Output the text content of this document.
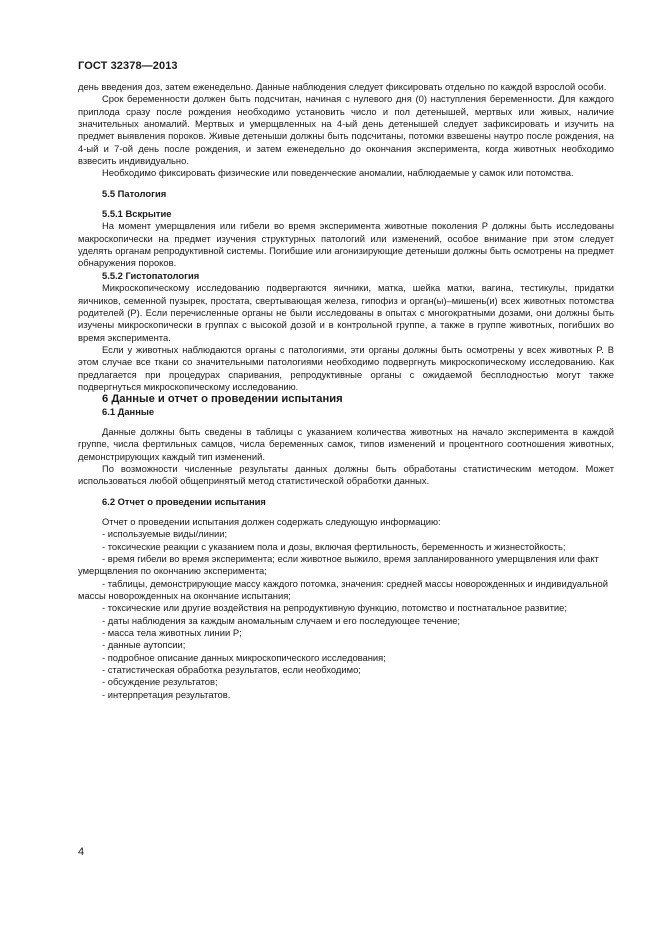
ГОСТ 32378—2013

день введения доз, затем еженедельно. Данные наблюдения следует фиксировать отдельно по каждой взрослой особи.

Срок беременности должен быть подсчитан, начиная с нулевого дня (0) наступления беременности. Для каждого приплода сразу после рождения необходимо установить число и пол детенышей, мертвых или живых, наличие значительных аномалий. Мертвых и умерщвленных на 4-ый день детенышей следует зафиксировать и изучить на предмет выявления пороков. Живые детеныши должны быть подсчитаны, потомки взвешены наутро после рождения, на 4-ый и 7-ой день после рождения, и затем еженедельно до окончания эксперимента, когда животных необходимо взвесить индивидуально.

Необходимо фиксировать физические или поведенческие аномалии, наблюдаемые у самок или потомства.

5.5 Патология

5.5.1 Вскрытие

На момент умерщвления или гибели во время эксперимента животные поколения P должны быть исследованы макроскопически на предмет изучения структурных патологий или изменений, особое внимание при этом следует уделять органам репродуктивной системы. Погибшие или агонизирующие детеныши должны быть осмотрены на предмет обнаружения пороков.

5.5.2 Гистопатология

Микроскопическому исследованию подвергаются яичники, матка, шейка матки, вагина, тестикулы, придатки яичников, семенной пузырек, простата, свертывающая железа, гипофиз и орган(ы)–мишень(и) всех животных потомства родителей (P). Если перечисленные органы не были исследованы в опытах с многократными дозами, они должны быть изучены микроскопически в группах с высокой дозой и в контрольной группе, а также в группе животных, погибших во время эксперимента.

Если у животных наблюдаются органы с патологиями, эти органы должны быть осмотрены у всех животных P. В этом случае все ткани со значительными патологиями необходимо подвергнуть микроскопическому исследованию. Как предлагается при процедурах спаривания, репродуктивные органы с ожидаемой бесплодностью могут также подвергнуться микроскопическому исследованию.

6 Данные и отчет о проведении испытания

6.1 Данные

Данные должны быть сведены в таблицы с указанием количества животных на начало эксперимента в каждой группе, числа фертильных самцов, числа беременных самок, типов изменений и процентного соотношения животных, демонстрирующих каждый тип изменений.

По возможности численные результаты данных должны быть обработаны статистическим методом. Может использоваться любой общепринятый метод статистической обработки данных.

6.2 Отчет о проведении испытания

Отчет о проведении испытания должен содержать следующую информацию:

- используемые виды/линии;

- токсические реакции с указанием пола и дозы, включая фертильность, беременность и жизнестойкость;

- время гибели во время эксперимента; если животное выжило, время запланированного умерщвления или факт умерщвления по окончанию эксперимента;

- таблицы, демонстрирующие массу каждого потомка, значения: средней массы новорожденных и индивидуальной массы новорожденных на окончание испытания;

- токсические или другие воздействия на репродуктивную функцию, потомство и постнатальное развитие;

- даты наблюдения за каждым аномальным случаем и его последующее течение;

- масса тела животных линии P;

- данные аутопсии;

- подробное описание данных микроскопического исследования;

- статистическая обработка результатов, если необходимо;

- обсуждение результатов;

- интерпретация результатов.

4
